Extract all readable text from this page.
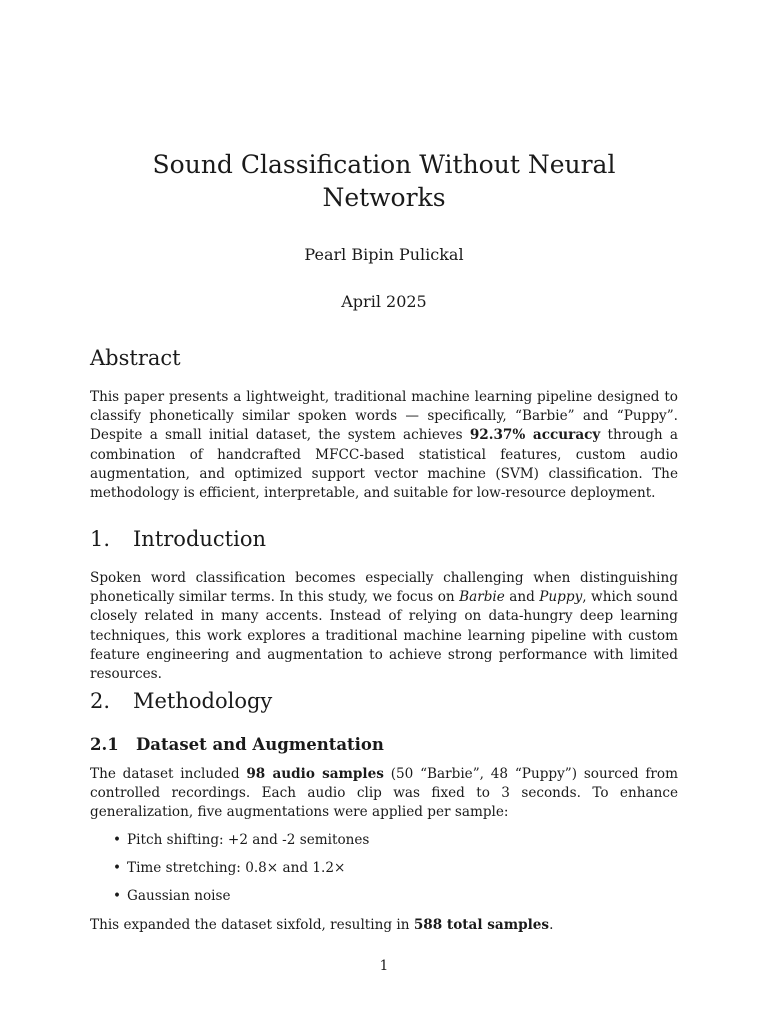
Sound Classification Without Neural Networks

Pearl Bipin Pulickal

April 2025

Abstract

This paper presents a lightweight, traditional machine learning pipeline designed to classify phonetically similar spoken words — specifically, “Barbie” and “Puppy”. Despite a small initial dataset, the system achieves 92.37% accuracy through a combination of handcrafted MFCC-based statistical features, custom audio augmentation, and optimized support vector machine (SVM) classification. The methodology is efficient, interpretable, and suitable for low-resource deployment.

1. Introduction

Spoken word classification becomes especially challenging when distinguishing phonetically similar terms. In this study, we focus on Barbie and Puppy, which sound closely related in many accents. Instead of relying on data-hungry deep learning techniques, this work explores a traditional machine learning pipeline with custom feature engineering and augmentation to achieve strong performance with limited resources.

2. Methodology
2.1 Dataset and Augmentation

The dataset included 98 audio samples (50 “Barbie”, 48 “Puppy”) sourced from controlled recordings. Each audio clip was fixed to 3 seconds. To enhance generalization, five augmentations were applied per sample:

• Pitch shifting: +2 and -2 semitones
• Time stretching: 0.8× and 1.2×
• Gaussian noise

This expanded the dataset sixfold, resulting in 588 total samples.

1
